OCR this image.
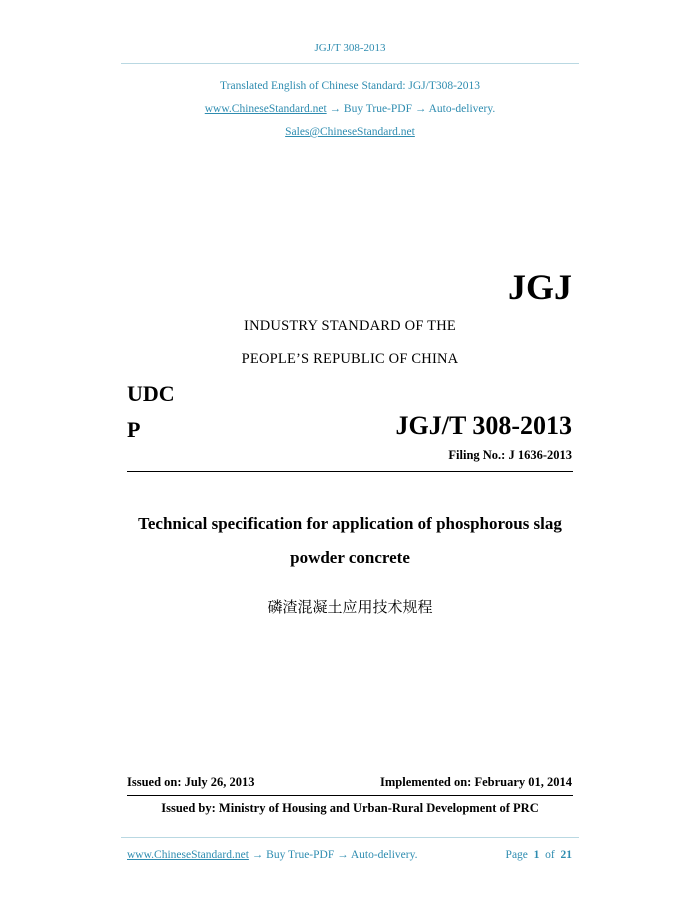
JGJ/T 308-2013
Translated English of Chinese Standard: JGJ/T308-2013
www.ChineseStandard.net → Buy True-PDF → Auto-delivery.
Sales@ChineseStandard.net
JGJ
INDUSTRY STANDARD OF THE
PEOPLE’S REPUBLIC OF CHINA
UDC
P	JGJ/T 308-2013
Filing No.: J 1636-2013
Technical specification for application of phosphorous slag
powder concrete
磷渣混凝土应用技术规程
Issued on: July 26, 2013	Implemented on: February 01, 2014
Issued by: Ministry of Housing and Urban-Rural Development of PRC
www.ChineseStandard.net → Buy True-PDF → Auto-delivery.	Page 1 of 21
